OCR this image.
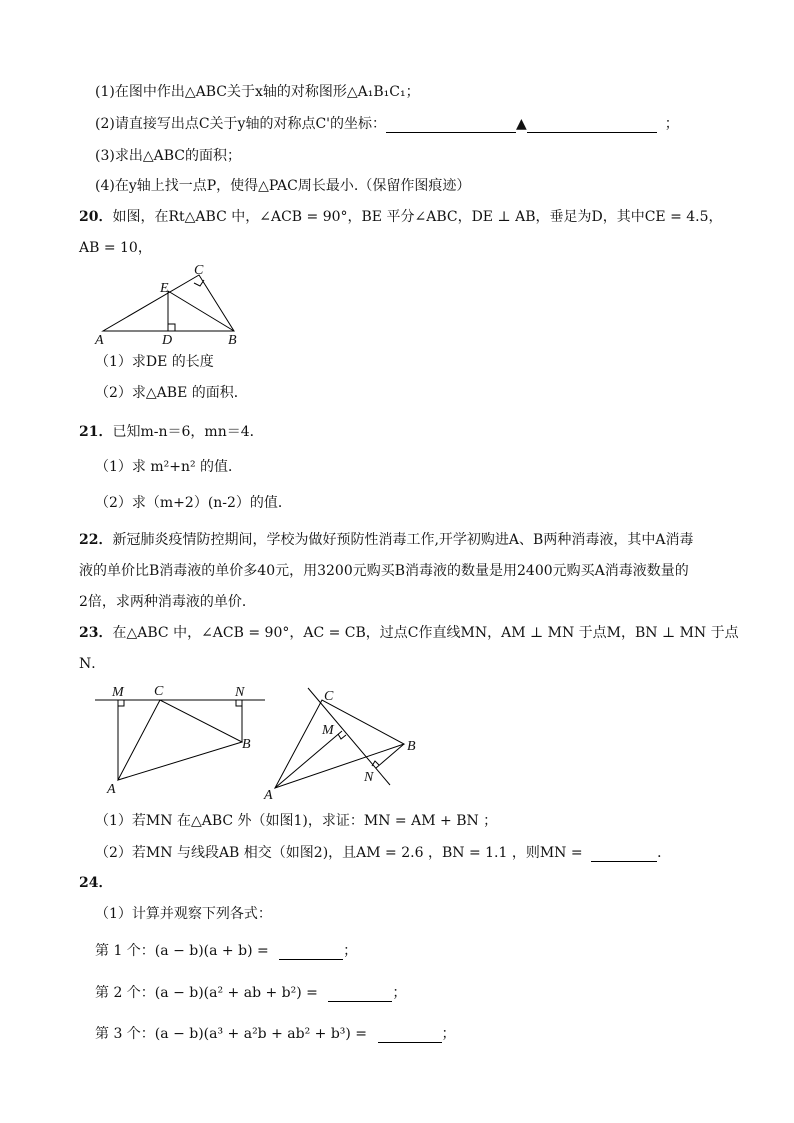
(1)在图中作出△ABC关于x轴的对称图形△A₁B₁C₁；
(2)请直接写出点C关于y轴的对称点C'的坐标：	▲	；
(3)求出△ABC的面积；
(4)在y轴上找一点P，使得△PAC周长最小.（保留作图痕迹）
20．如图，在Rt△ABC 中，∠ACB = 90°，BE 平分∠ABC，DE ⊥ AB，垂足为D，其中CE = 4.5，
AB = 10，
A	D	B
C
E
（1）求DE 的长度
（2）求△ABE 的面积．
21．已知m-n＝6，mn＝4．
（1）求 m²+n² 的值．
（2）求（m+2）(n-2）的值．
22．新冠肺炎疫情防控期间，学校为做好预防性消毒工作,开学初购进A、B两种消毒液，其中A消毒
液的单价比B消毒液的单价多40元，用3200元购买B消毒液的数量是用2400元购买A消毒液数量的
2倍，求两种消毒液的单价．
23．在△ABC 中，∠ACB = 90°，AC = CB，过点C作直线MN，AM ⊥ MN 于点M，BN ⊥ MN 于点
N．
M C	N
B
A
C
M
B
N
A
（1）若MN 在△ABC 外（如图1)，求证：MN = AM + BN ；
（2）若MN 与线段AB 相交（如图2)，且AM = 2.6 ，BN = 1.1 ，则MN =	．
24．
（1）计算并观察下列各式：
第 1 个：(a − b)(a + b) =	；
第 2 个：(a − b)(a² + ab + b²) =	；
第 3 个：(a − b)(a³ + a²b + ab² + b³) =	；
